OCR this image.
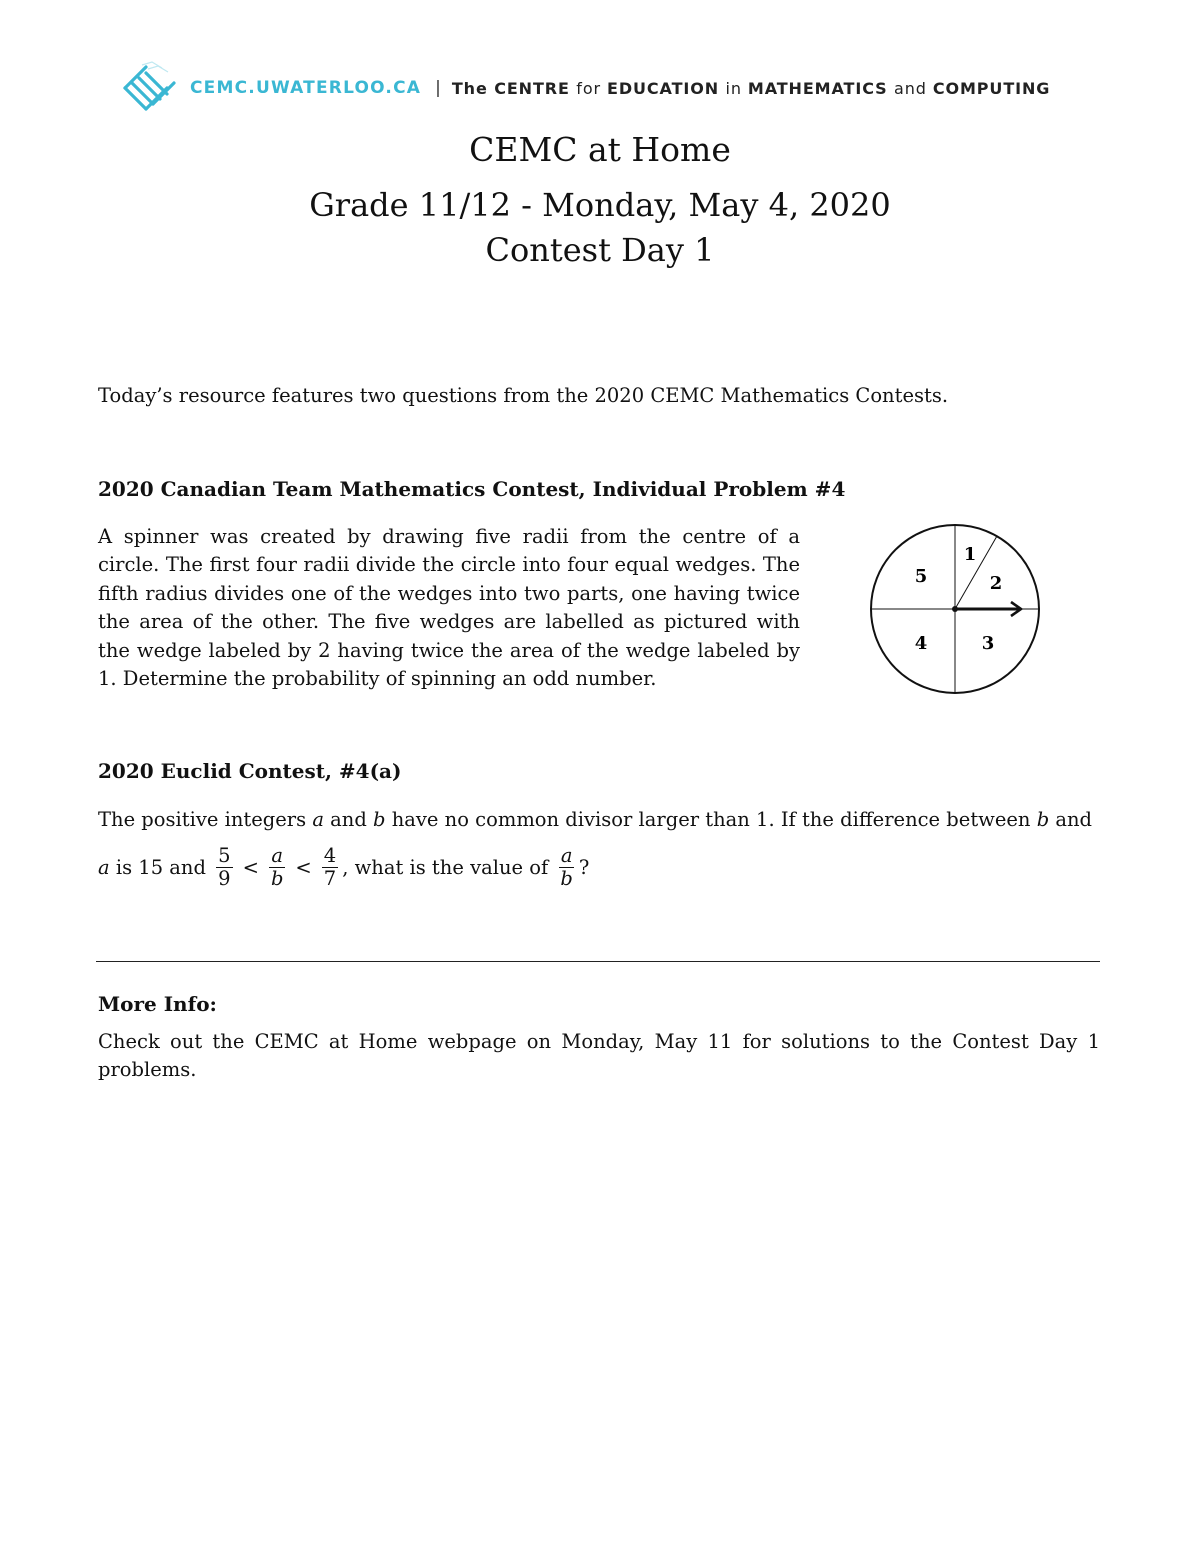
CEMC.UWATERLOO.CA | The CENTRE for EDUCATION in MATHEMATICS and COMPUTING
CEMC at Home
Grade 11/12 - Monday, May 4, 2020
Contest Day 1

Today’s resource features two questions from the 2020 CEMC Mathematics Contests.

2020 Canadian Team Mathematics Contest, Individual Problem #4

A spinner was created by drawing five radii from the centre of a circle. The first four radii divide the circle into four equal wedges. The fifth radius divides one of the wedges into two parts, one having twice the area of the other. The five wedges are labelled as pictured with the wedge labeled by 2 having twice the area of the wedge labeled by 1. Determine the probability of spinning an odd number.

1
2
3
4
5

2020 Euclid Contest, #4(a)

The positive integers a and b have no common divisor larger than 1. If the difference between b and

a is 15 and $\frac{5}{9} < \frac{a}{b} < \frac{4}{7}$ , what is the value of $\frac{a}{b}$ ?

More Info:

Check out the CEMC at Home webpage on Monday, May 11 for solutions to the Contest Day 1 problems.
